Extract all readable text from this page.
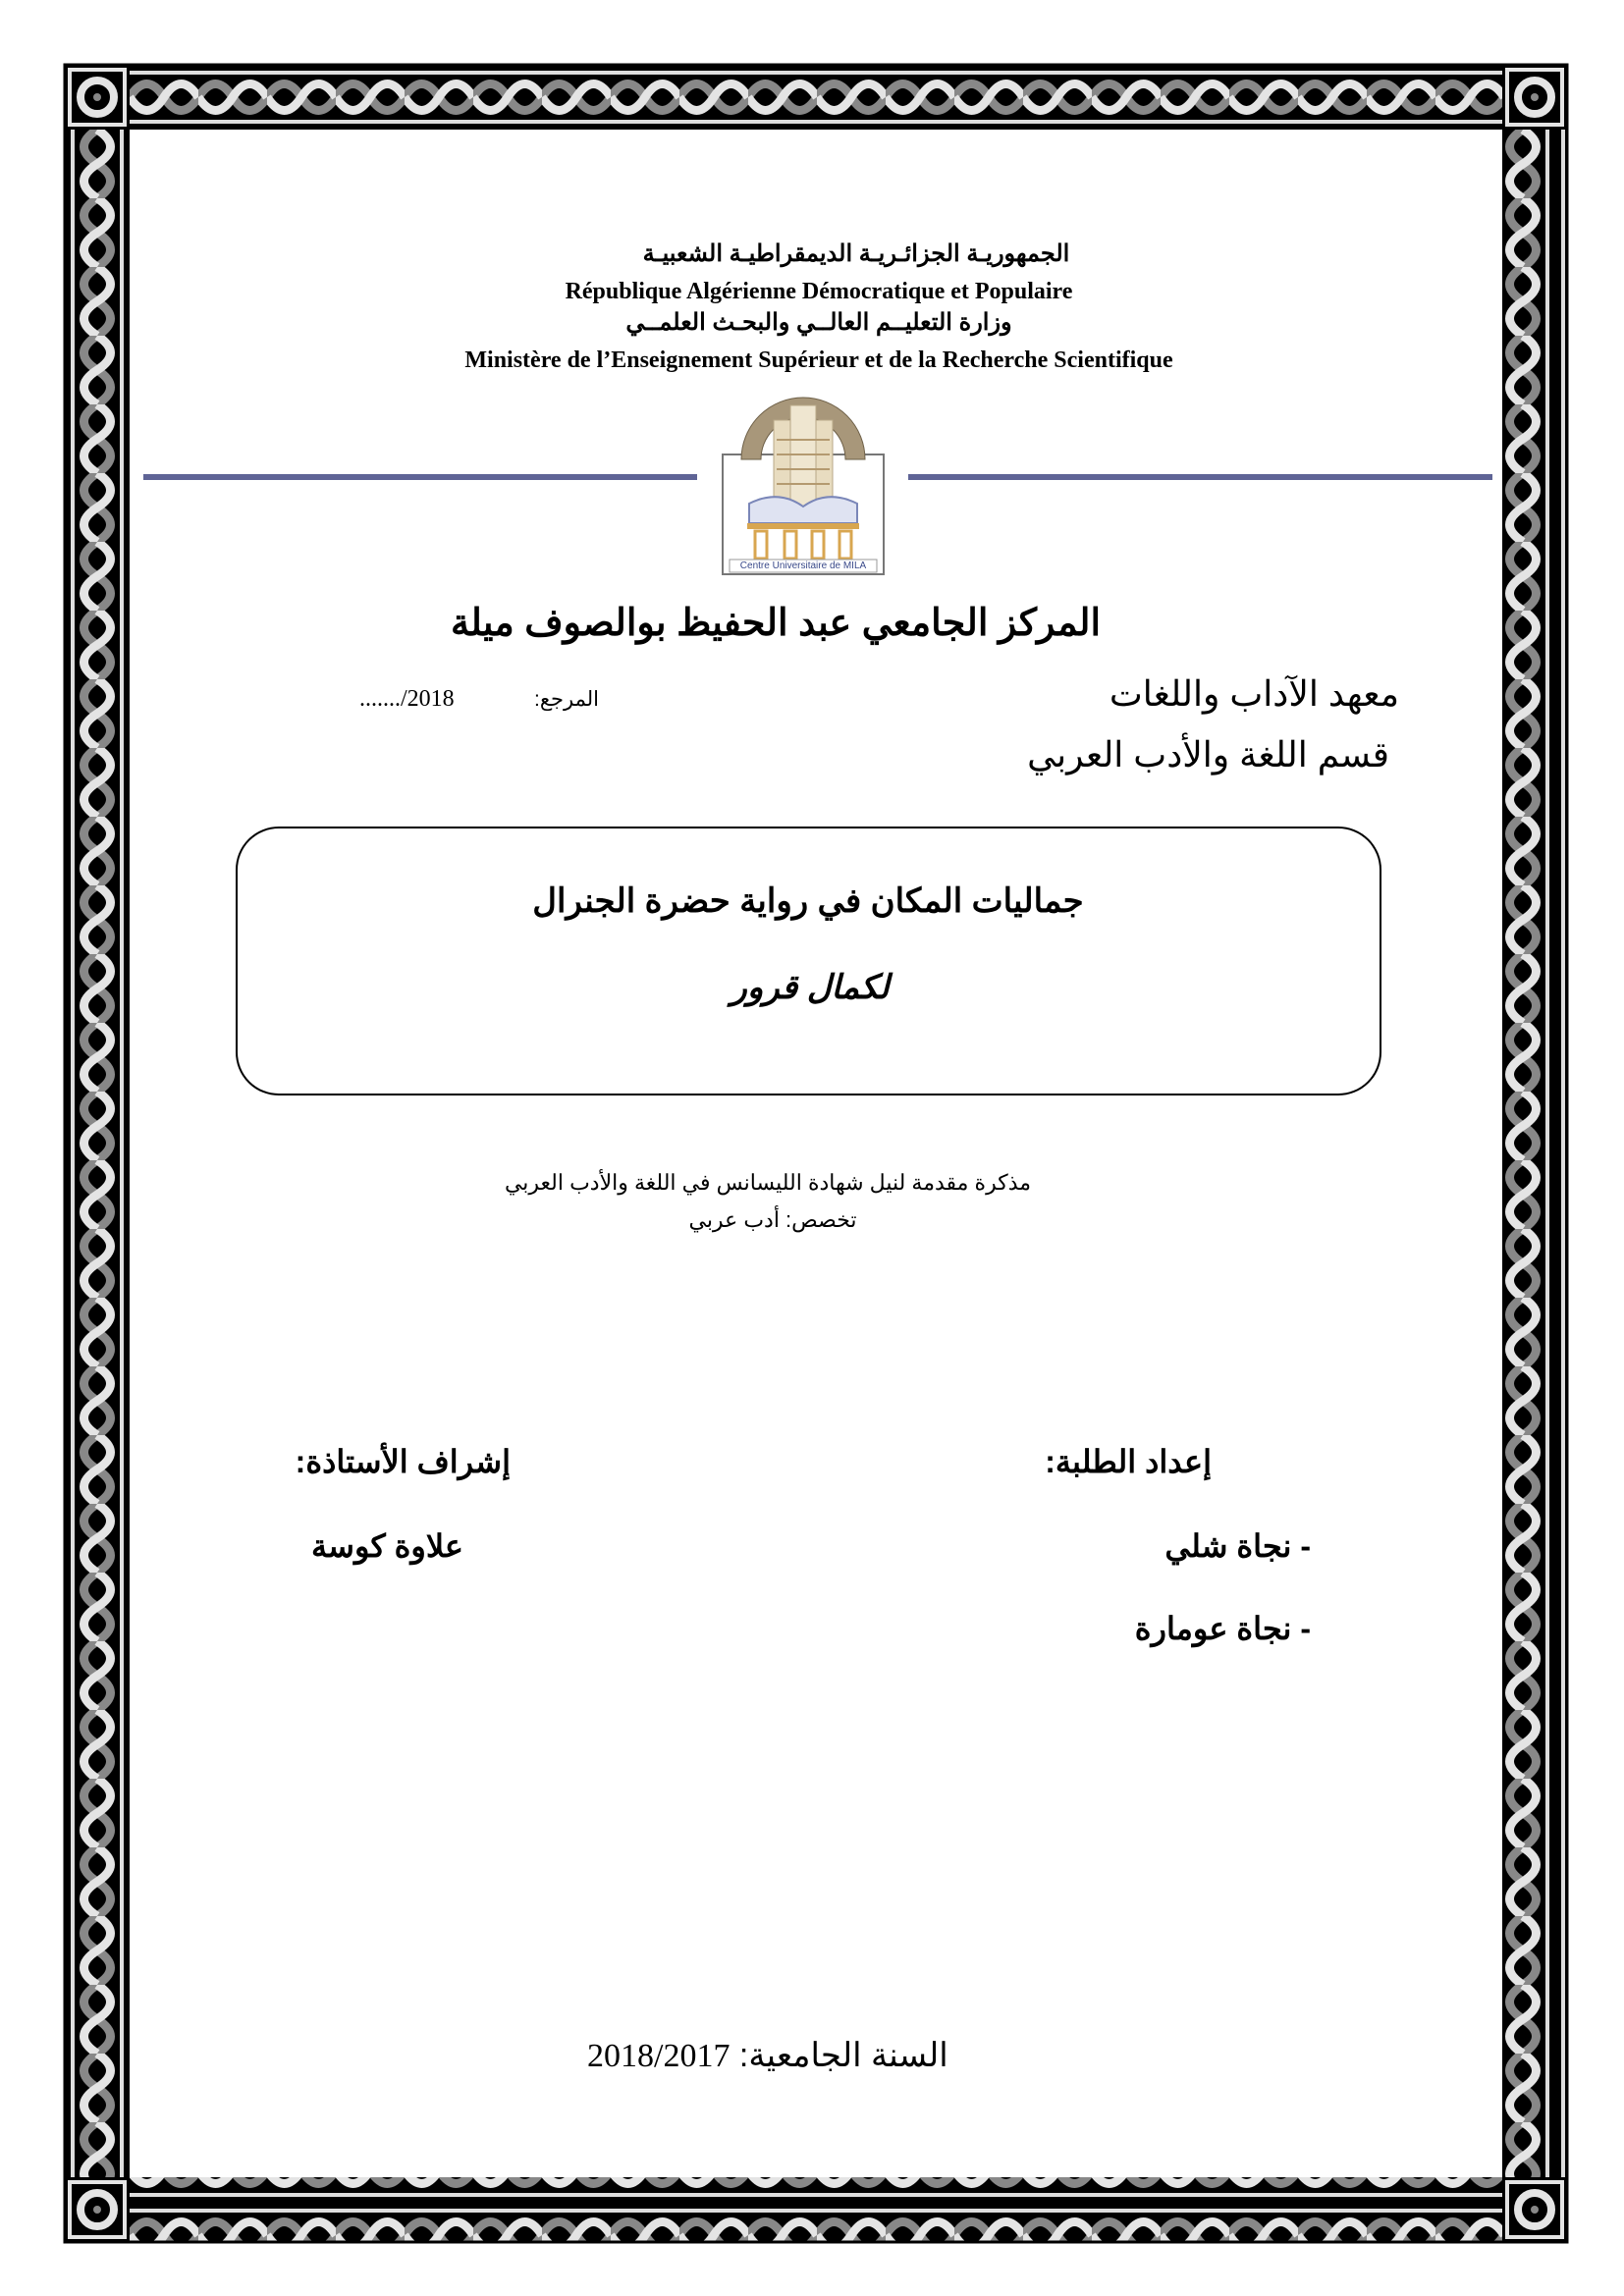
الجمهوريـة الجزائـريـة الديمقراطيـة الشعبيـة
République Algérienne Démocratique et Populaire
وزارة التعليــم العالــي والبحـث العلمــي
Ministère de l’Enseignement Supérieur et de la Recherche Scientifique
Centre Universitaire de MILA
المركز الجامعي عبد الحفيظ بوالصوف ميلة
معهد الآداب واللغات
قسم اللغة والأدب العربي
المرجع:
......./2018
جماليات المكان في رواية حضرة الجنرال
لكمال قرور
مذكرة مقدمة لنيل شهادة الليسانس في اللغة والأدب العربي
تخصص: أدب عربي
إعداد الطلبة:
إشراف الأستاذة:
- نجاة شلي
- نجاة عومارة
علاوة كوسة
السنة الجامعية: 2018/2017
